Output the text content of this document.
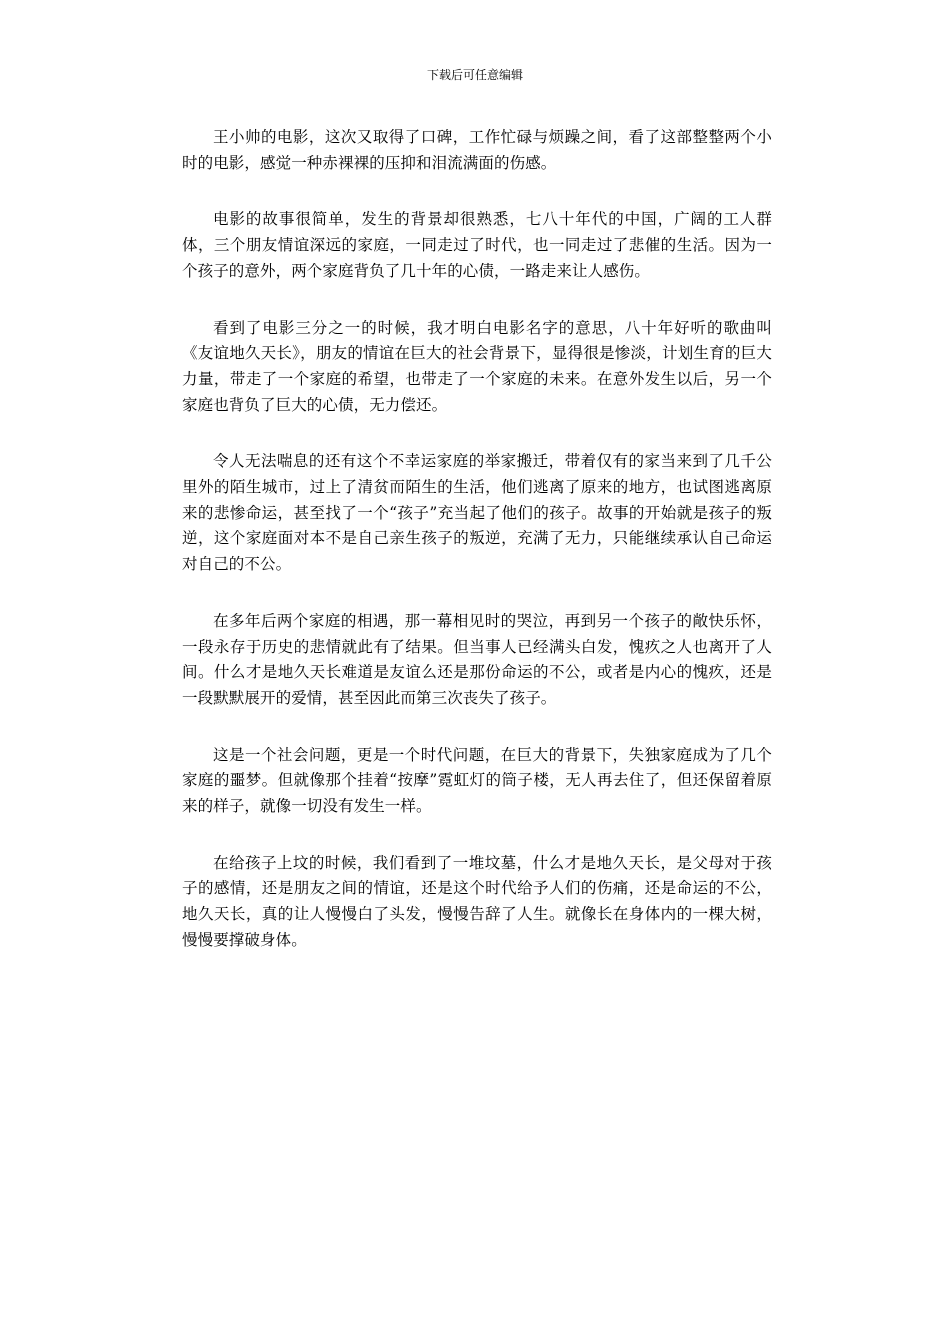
下载后可任意编辑

王小帅的电影，这次又取得了口碑，工作忙碌与烦躁之间，看了这部整整两个小时的电影，感觉一种赤裸裸的压抑和泪流满面的伤感。

电影的故事很简单，发生的背景却很熟悉，七八十年代的中国，广阔的工人群体，三个朋友情谊深远的家庭，一同走过了时代，也一同走过了悲催的生活。因为一个孩子的意外，两个家庭背负了几十年的心债，一路走来让人感伤。

看到了电影三分之一的时候，我才明白电影名字的意思，八十年好听的歌曲叫《友谊地久天长》，朋友的情谊在巨大的社会背景下，显得很是惨淡，计划生育的巨大力量，带走了一个家庭的希望，也带走了一个家庭的未来。在意外发生以后，另一个家庭也背负了巨大的心债，无力偿还。

令人无法喘息的还有这个不幸运家庭的举家搬迁，带着仅有的家当来到了几千公里外的陌生城市，过上了清贫而陌生的生活，他们逃离了原来的地方，也试图逃离原来的悲惨命运，甚至找了一个“孩子”充当起了他们的孩子。故事的开始就是孩子的叛逆，这个家庭面对本不是自己亲生孩子的叛逆，充满了无力，只能继续承认自己命运对自己的不公。

在多年后两个家庭的相遇，那一幕相见时的哭泣，再到另一个孩子的敞快乐怀，一段永存于历史的悲情就此有了结果。但当事人已经满头白发，愧疚之人也离开了人间。什么才是地久天长难道是友谊么还是那份命运的不公，或者是内心的愧疚，还是一段默默展开的爱情，甚至因此而第三次丧失了孩子。

这是一个社会问题，更是一个时代问题，在巨大的背景下，失独家庭成为了几个家庭的噩梦。但就像那个挂着“按摩”霓虹灯的筒子楼，无人再去住了，但还保留着原来的样子，就像一切没有发生一样。

在给孩子上坟的时候，我们看到了一堆坟墓，什么才是地久天长，是父母对于孩子的感情，还是朋友之间的情谊，还是这个时代给予人们的伤痛，还是命运的不公，地久天长，真的让人慢慢白了头发，慢慢告辞了人生。就像长在身体内的一棵大树，慢慢要撑破身体。
